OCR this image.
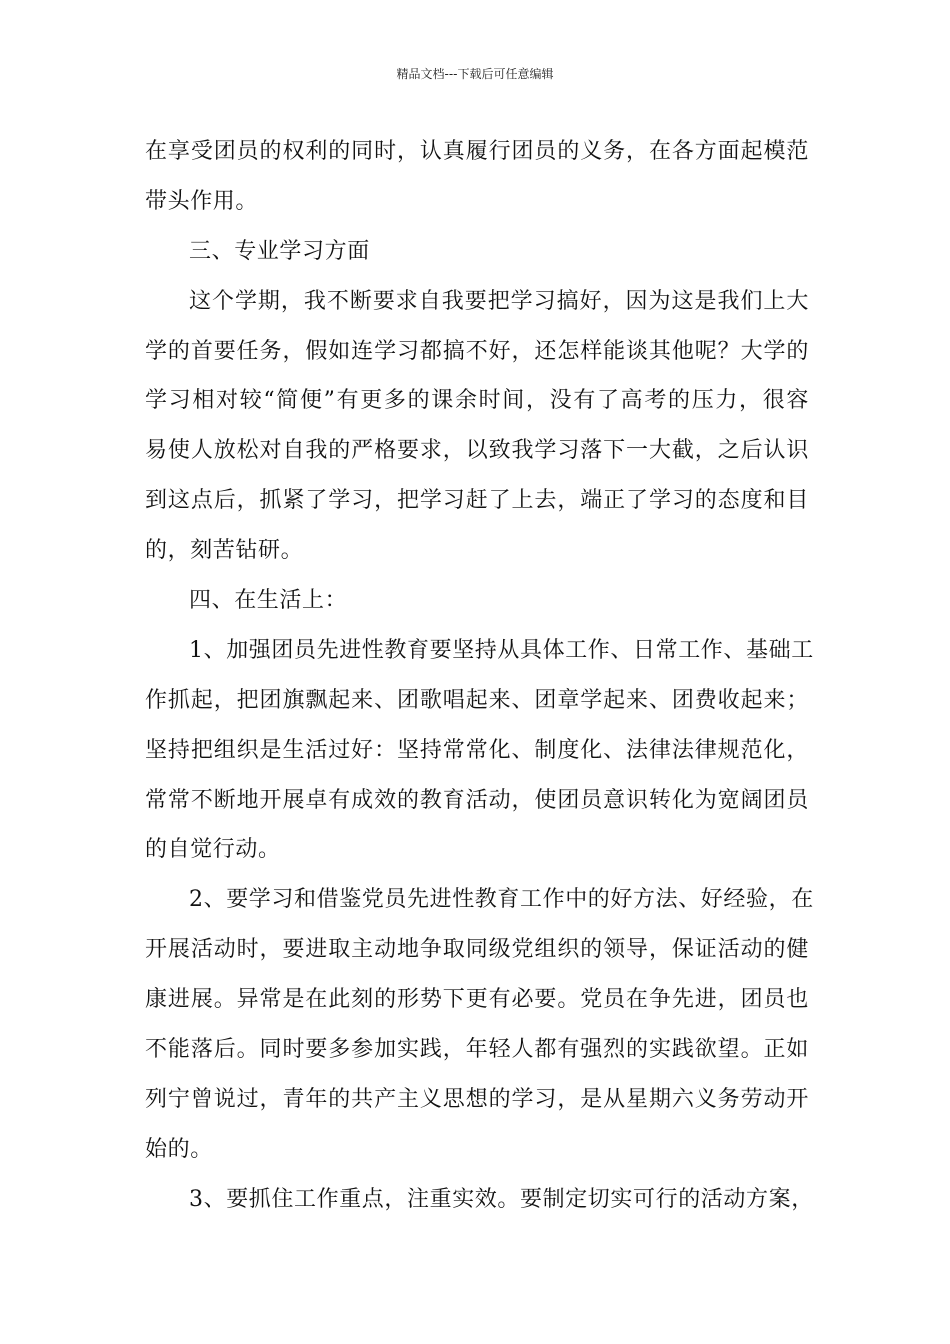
精品文档---下载后可任意编辑
在享受团员的权利的同时，认真履行团员的义务，在各方面起模范
带头作用。
三、专业学习方面
这个学期，我不断要求自我要把学习搞好，因为这是我们上大
学的首要任务，假如连学习都搞不好，还怎样能谈其他呢？大学的
学习相对较“简便”有更多的课余时间，没有了高考的压力，很容
易使人放松对自我的严格要求，以致我学习落下一大截，之后认识
到这点后，抓紧了学习，把学习赶了上去，端正了学习的态度和目
的，刻苦钻研。
四、在生活上：
1、加强团员先进性教育要坚持从具体工作、日常工作、基础工
作抓起，把团旗飘起来、团歌唱起来、团章学起来、团费收起来；
坚持把组织是生活过好：坚持常常化、制度化、法律法律规范化，
常常不断地开展卓有成效的教育活动，使团员意识转化为宽阔团员
的自觉行动。
2、要学习和借鉴党员先进性教育工作中的好方法、好经验，在
开展活动时，要进取主动地争取同级党组织的领导，保证活动的健
康进展。异常是在此刻的形势下更有必要。党员在争先进，团员也
不能落后。同时要多参加实践，年轻人都有强烈的实践欲望。正如
列宁曾说过，青年的共产主义思想的学习，是从星期六义务劳动开
始的。
3、要抓住工作重点，注重实效。要制定切实可行的活动方案，
